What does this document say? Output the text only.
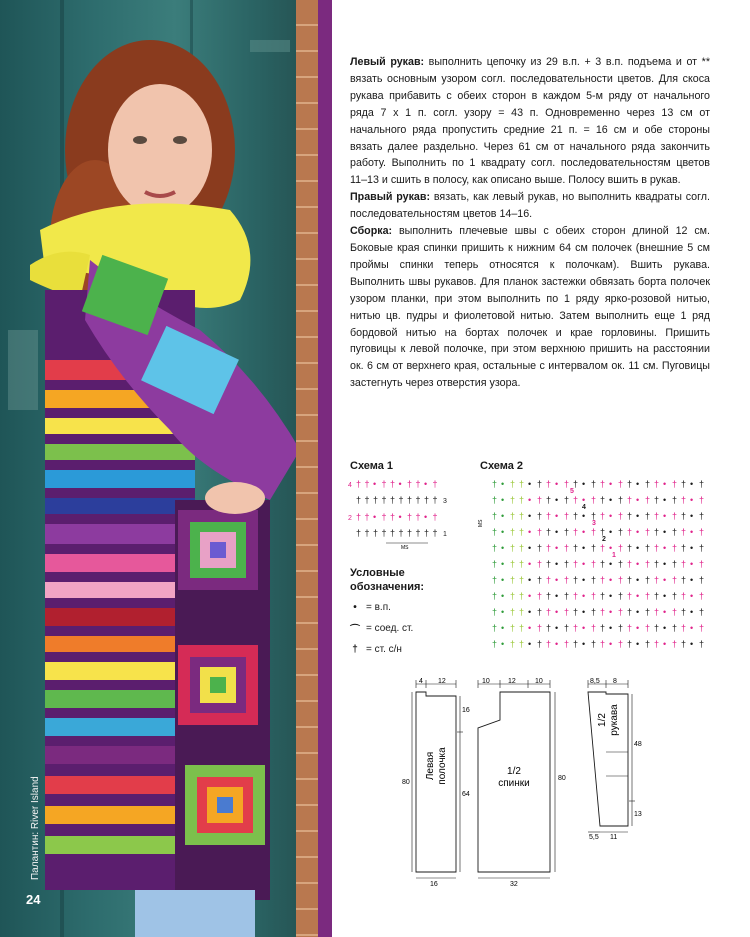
Палантин: River Island
24

Левый рукав: выполнить цепочку из 29 в.п. + 3 в.п. подъема и от ** вязать основным узором согл. последовательности цветов. Для скоса рукава прибавить с обеих сторон в каждом 5-м ряду от начального ряда 7 х 1 п. согл. узору = 43 п. Одновременно через 13 см от начального ряда пропустить средние 21 п. = 16 см и обе стороны вязать далее раздельно. Через 61 см от начального ряда закончить работу. Выполнить по 1 квадрату согл. последовательностям цветов 11–13 и сшить в полосу, как описано выше. Полосу вшить в рукав.

Правый рукав: вязать, как левый рукав, но выполнить квадраты согл. последовательностям цветов 14–16.

Сборка: выполнить плечевые швы с обеих сторон длиной 12 см. Боковые края спинки пришить к нижним 64 см полочек (внешние 5 см проймы спинки теперь относятся к полочкам). Вшить рукава. Выполнить швы рукавов. Для планок застежки обвязать борта полочек узором планки, при этом выполнить по 1 ряду ярко-розовой нитью, нитью цв. пудры и фиолетовой нитью. Затем выполнить еще 1 ряд бордовой нитью на бортах полочек и крае горловины. Пришить пуговицы к левой полочке, при этом верхнюю пришить на расстоянии ок. 6 см от верхнего края, остальные с интервалом ок. 11 см. Пуговицы застегнуть через отверстия узора.

Схема 1
4
3
2
1
† † • † † • † † • †
† † † † † † † † † †
† † • † † • † † • †
† † † † † † † † † †
MS
Схема 2
† • † † • † † • † † • † † • † † • † † • † † • †
† • † † • † † • † † • † † • † † • † † • † † • †
† • † † • † † • † † • † † • † † • † † • † † • †
† • † † • † † • † † • † † • † † • † † • † † • †
† • † † • † † • † † • † † • † † • † † • † † • †
† • † † • † † • † † • † † • † † • † † • † † • †
† • † † • † † • † † • † † • † † • † † • † † • †
† • † † • † † • † † • † † • † † • † † • † † • †
† • † † • † † • † † • † † • † † • † † • † † • †
† • † † • † † • † † • † † • † † • † † • † † • †
† • † † • † † • † † • † † • † † • † † • † † • †
5
4
3
2
1
MS
Условные
обозначения:
• = в.п.
⌒ = соед. ст.
† = ст. с/н
4 12
16
64
80
16
Левая полочка
10	12	10
80
32
1/2
спинки
8,5 8
48
13
5,5 11
1/2 рукава
